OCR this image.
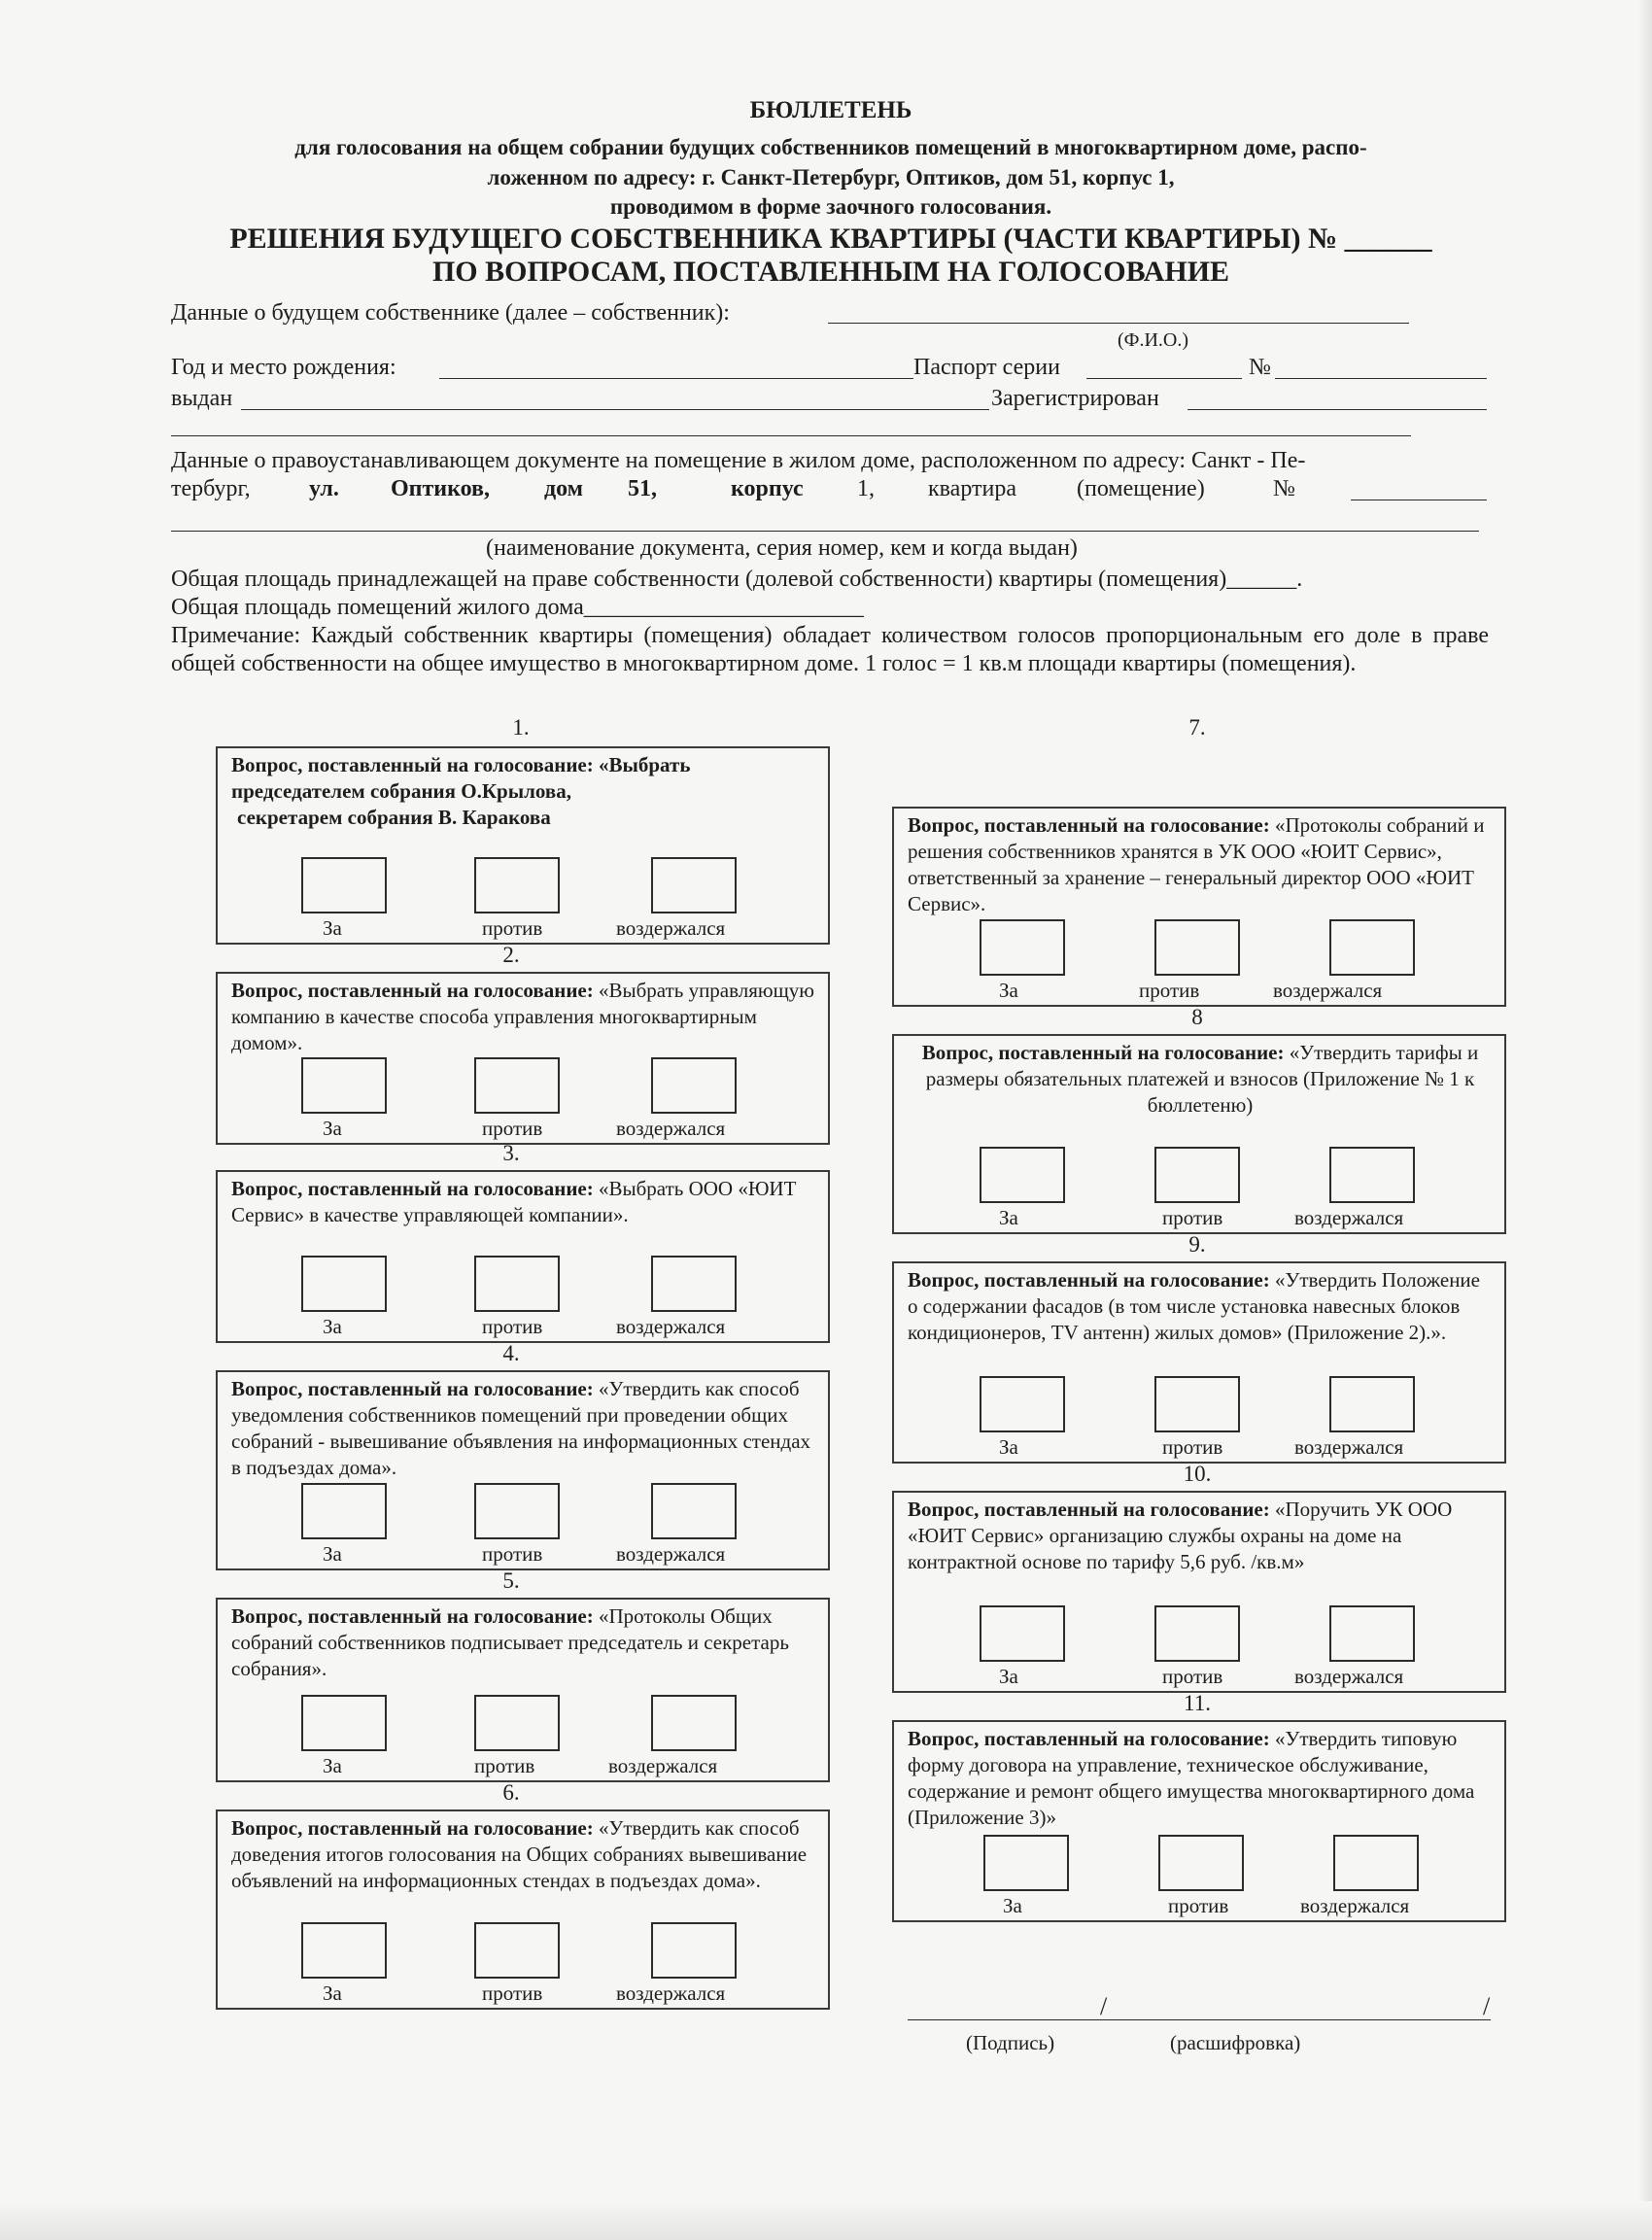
БЮЛЛЕТЕНЬ
для голосования на общем собрании будущих собственников помещений в многоквартирном доме, распо-
ложенном по адресу: г. Санкт-Петербург, Оптиков, дом 51, корпус 1,
проводимом в форме заочного голосования.
РЕШЕНИЯ БУДУЩЕГО СОБСТВЕННИКА КВАРТИРЫ (ЧАСТИ КВАРТИРЫ) № ______
ПО ВОПРОСАМ, ПОСТАВЛЕННЫМ НА ГОЛОСОВАНИЕ
Данные о будущем собственнике (далее – собственник):
(Ф.И.О.)
Год и место рождения:	Паспорт серии	№
выдан	Зарегистрирован
Данные о правоустанавливающем документе на помещение в жилом доме, расположенном по адресу: Санкт - Пе-
тербург,	ул. Оптиков, дом 51,	корпус 1, квартира	(помещение)	№
(наименование документа, серия номер, кем и когда выдан)
Общая площадь принадлежащей на праве собственности (долевой собственности) квартиры (помещения)______.
Общая площадь помещений жилого дома________________________
Примечание: Каждый собственник квартиры (помещения) обладает количеством голосов пропорциональным его доле в праве общей собственности на общее имущество в многоквартирном доме. 1 голос = 1 кв.м площади квартиры (помещения).
1.
2.
3.
4.
5.
6.
7.
8
9.
10.
11.
Вопрос, поставленный на голосование: «Выбрать председателем собрания О.Крылова,
секретарем собрания В. Каракова
За	против	воздержался
Вопрос, поставленный на голосование: «Выбрать управляющую компанию в качестве способа управления многоквартирным домом».
За	против	воздержался
Вопрос, поставленный на голосование: «Выбрать ООО «ЮИТ Сервис» в качестве управляющей компании».
За	против	воздержался
Вопрос, поставленный на голосование: «Утвердить как способ уведомления собственников помещений при проведении общих собраний - вывешивание объявления на информационных стендах в подъездах дома».
За	против	воздержался
Вопрос, поставленный на голосование: «Протоколы Общих собраний собственников подписывает председатель и секретарь собрания».
За	против	воздержался
Вопрос, поставленный на голосование: «Утвердить как способ доведения итогов голосования на Общих собраниях вывешивание объявлений на информационных стендах в подъездах дома».
За	против	воздержался
Вопрос, поставленный на голосование: «Протоколы собраний и решения собственников хранятся в УК ООО «ЮИТ Сервис», ответственный за хранение – генеральный директор ООО «ЮИТ Сервис».
За	против	воздержался
Вопрос, поставленный на голосование: «Утвердить тарифы и размеры обязательных платежей и взносов (Приложение № 1 к бюллетеню)
За	против	воздержался
Вопрос, поставленный на голосование: «Утвердить Положение о содержании фасадов (в том числе установка навесных блоков кондиционеров, TV антенн) жилых домов» (Приложение 2).».
За	против	воздержался
Вопрос, поставленный на голосование: «Поручить УК ООО «ЮИТ Сервис» организацию службы охраны на доме на контрактной основе по тарифу 5,6 руб. /кв.м»
За	против	воздержался
Вопрос, поставленный на голосование: «Утвердить типовую форму договора на управление, техническое обслуживание, содержание и ремонт общего имущества многоквартирного дома (Приложение 3)»
За	против	воздержался
/	/
(Подпись)	(расшифровка)
